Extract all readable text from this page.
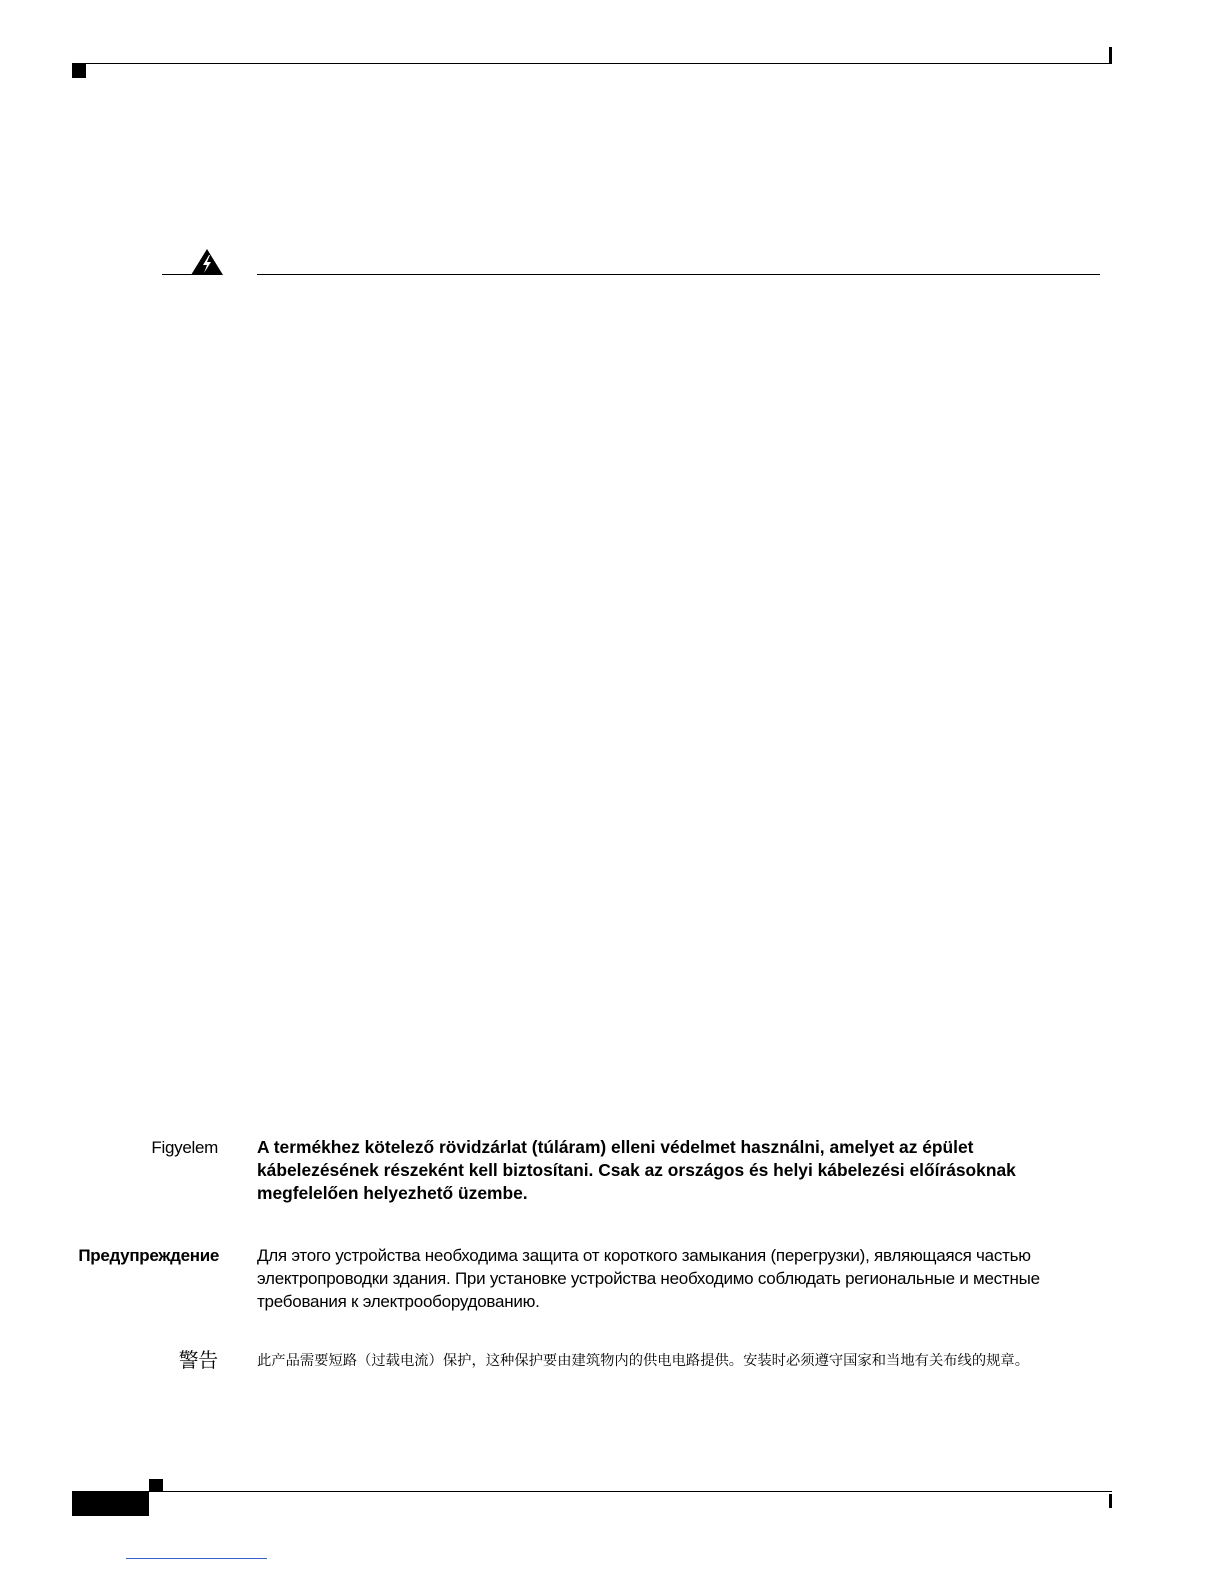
Figyelem A termékhez kötelező rövidzárlat (túláram) elleni védelmet használni, amelyet az épület kábelezésének részeként kell biztosítani. Csak az országos és helyi kábelezési előírásoknak megfelelően helyezhető üzembe.

Предупреждение Для этого устройства необходима защита от короткого замыкания (перегрузки), являющаяся частью электропроводки здания. При установке устройства необходимо соблюдать региональные и местные требования к электрооборудованию.

警告	此产品需要短路（过载电流）保护，这种保护要由建筑物内的供电电路提供。安装时必须遵守国家和当地有关布线的规章。
